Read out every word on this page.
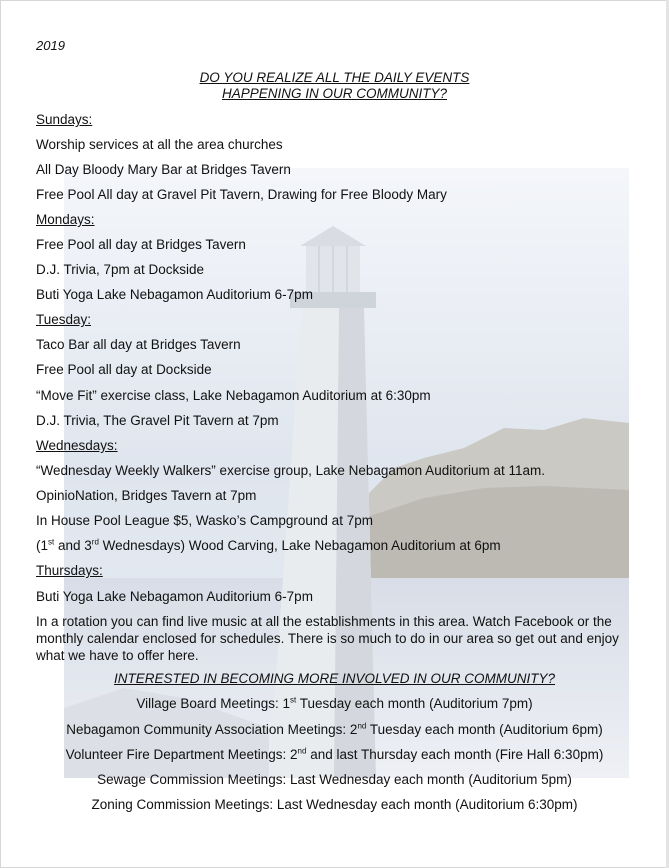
2019
DO YOU REALIZE ALL THE DAILY EVENTS
HAPPENING IN OUR COMMUNITY?
Sundays:
Worship services at all the area churches
All Day Bloody Mary Bar at Bridges Tavern
Free Pool All day at Gravel Pit Tavern, Drawing for Free Bloody Mary
Mondays:
Free Pool all day at Bridges Tavern
D.J. Trivia, 7pm at Dockside
Buti Yoga Lake Nebagamon Auditorium 6-7pm
Tuesday:
Taco Bar all day at Bridges Tavern
Free Pool all day at Dockside
“Move Fit” exercise class, Lake Nebagamon Auditorium at 6:30pm
D.J. Trivia, The Gravel Pit Tavern at 7pm
Wednesdays:
“Wednesday Weekly Walkers” exercise group, Lake Nebagamon Auditorium at 11am.
OpinioNation, Bridges Tavern at 7pm
In House Pool League $5, Wasko’s Campground at 7pm
(1st and 3rd Wednesdays) Wood Carving, Lake Nebagamon Auditorium at 6pm
Thursdays:
Buti Yoga Lake Nebagamon Auditorium 6-7pm
In a rotation you can find live music at all the establishments in this area. Watch Facebook or the monthly calendar enclosed for schedules. There is so much to do in our area so get out and enjoy what we have to offer here.
INTERESTED IN BECOMING MORE INVOLVED IN OUR COMMUNITY?
Village Board Meetings: 1st Tuesday each month (Auditorium 7pm)
Nebagamon Community Association Meetings: 2nd Tuesday each month (Auditorium 6pm)
Volunteer Fire Department Meetings: 2nd and last Thursday each month (Fire Hall 6:30pm)
Sewage Commission Meetings: Last Wednesday each month (Auditorium 5pm)
Zoning Commission Meetings: Last Wednesday each month (Auditorium 6:30pm)
